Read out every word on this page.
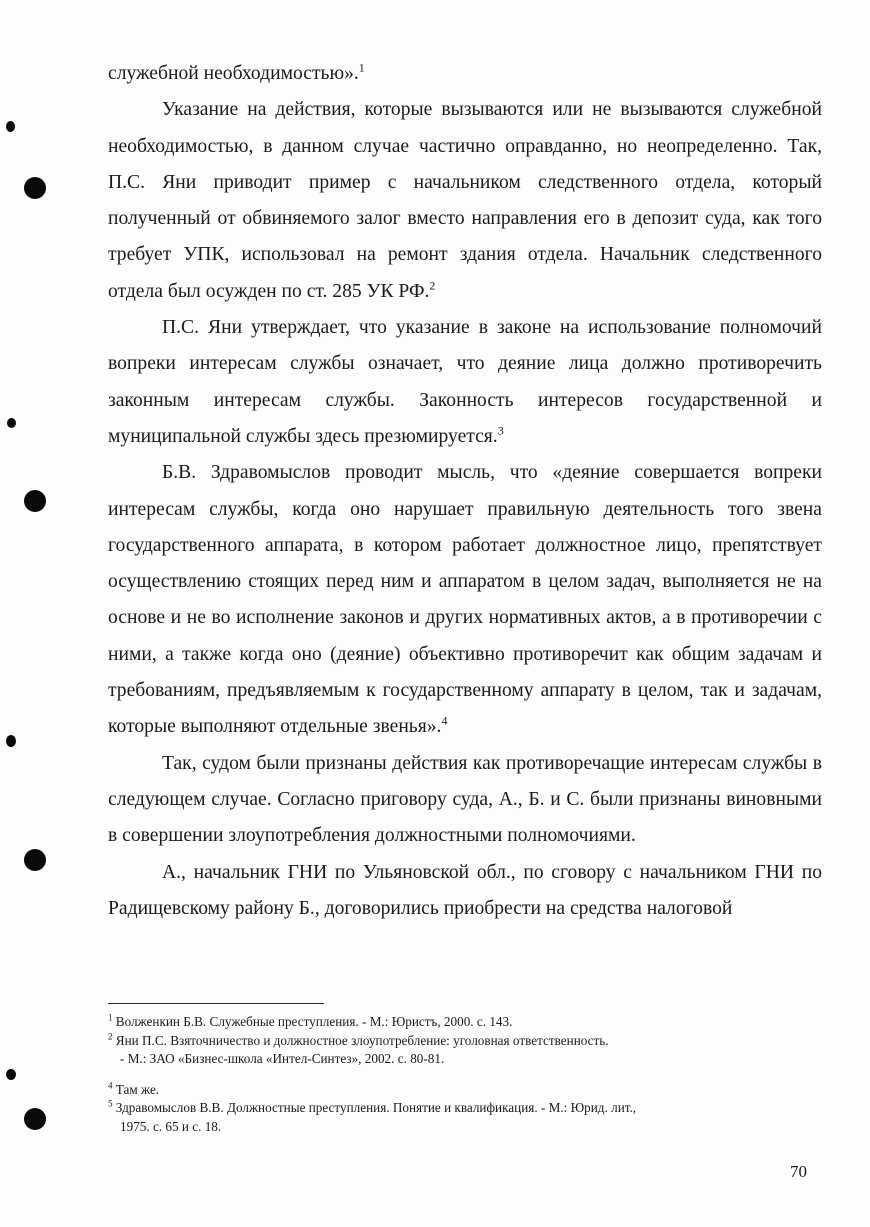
служебной необходимостью».$^1$

Указание на действия, которые вызываются или не вызываются служебной необходимостью, в данном случае частично оправданно, но неопределенно. Так, П.С. Яни приводит пример с начальником следственного отдела, который полученный от обвиняемого залог вместо направления его в депозит суда, как того требует УПК, использовал на ремонт здания отдела. Начальник следственного отдела был осужден по ст. 285 УК РФ.$^2$

П.С. Яни утверждает, что указание в законе на использование полномочий вопреки интересам службы означает, что деяние лица должно противоречить законным интересам службы. Законность интересов государственной и муниципальной службы здесь презюмируется.$^3$

Б.В. Здравомыслов проводит мысль, что «деяние совершается вопреки интересам службы, когда оно нарушает правильную деятельность того звена государственного аппарата, в котором работает должностное лицо, препятствует осуществлению стоящих перед ним и аппаратом в целом задач, выполняется не на основе и не во исполнение законов и других нормативных актов, а в противоречии с ними, а также когда оно (деяние) объективно противоречит как общим задачам и требованиям, предъявляемым к государственному аппарату в целом, так и задачам, которые выполняют отдельные звенья».$^4$

Так, судом были признаны действия как противоречащие интересам службы в следующем случае. Согласно приговору суда, А., Б. и С. были признаны виновными в совершении злоупотребления должностными полномочиями.

А., начальник ГНИ по Ульяновской обл., по сговору с начальником ГНИ по Радищевскому району Б., договорились приобрести на средства налоговой

$^1$ Волженкин Б.В. Служебные преступления. - М.: Юристъ, 2000. с. 143.

$^2$ Яни П.С. Взяточничество и должностное злоупотребление: уголовная ответственность.
- М.: ЗАО «Бизнес-школа «Интел-Синтез», 2002. с. 80-81.

$^4$ Там же.

$^5$ Здравомыслов В.В. Должностные преступления. Понятие и квалификация. - М.: Юрид. лит.,
1975. с. 65 и с. 18.

70
